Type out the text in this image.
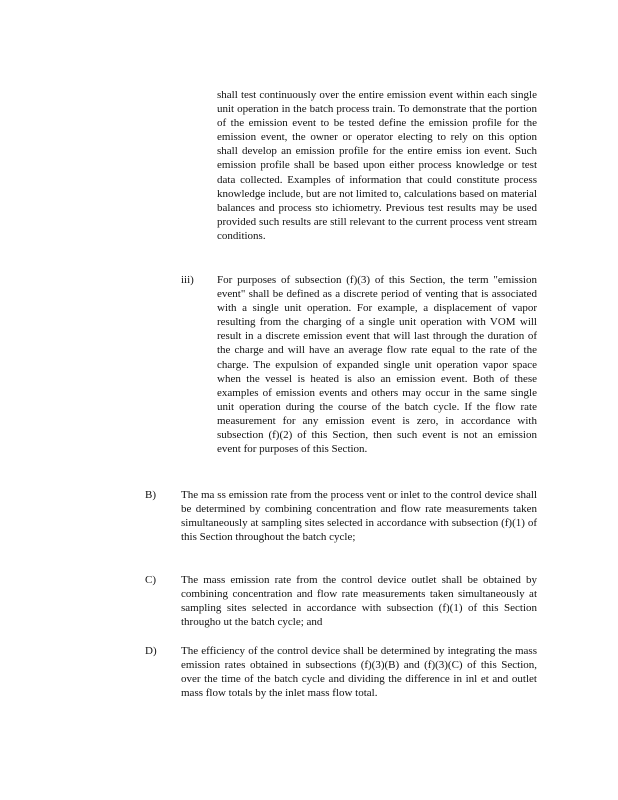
shall test continuously over the entire emission event within each single unit operation in the batch process train. To demonstrate that the portion of the emission event to be tested define the emission profile for the emission event, the owner or operator electing to rely on this option shall develop an emission profile for the entire emiss ion event. Such emission profile shall be based upon either process knowledge or test data collected. Examples of information that could constitute process knowledge include, but are not limited to, calculations based on material balances and process sto ichiometry. Previous test results may be used provided such results are still relevant to the current process vent stream conditions.
iii) For purposes of subsection (f)(3) of this Section, the term "emission event" shall be defined as a discrete period of venting that is associated with a single unit operation. For example, a displacement of vapor resulting from the charging of a single unit operation with VOM will result in a discrete emission event that will last through the duration of the charge and will have an average flow rate equal to the rate of the charge. The expulsion of expanded single unit operation vapor space when the vessel is heated is also an emission event. Both of these examples of emission events and others may occur in the same single unit operation during the course of the batch cycle. If the flow rate measurement for any emission event is zero, in accordance with subsection (f)(2) of this Section, then such event is not an emission event for purposes of this Section.
B) The ma ss emission rate from the process vent or inlet to the control device shall be determined by combining concentration and flow rate measurements taken simultaneously at sampling sites selected in accordance with subsection (f)(1) of this Section throughout the batch cycle;
C) The mass emission rate from the control device outlet shall be obtained by combining concentration and flow rate measurements taken simultaneously at sampling sites selected in accordance with subsection (f)(1) of this Section througho ut the batch cycle; and
D) The efficiency of the control device shall be determined by integrating the mass emission rates obtained in subsections (f)(3)(B) and (f)(3)(C) of this Section, over the time of the batch cycle and dividing the difference in inl et and outlet mass flow totals by the inlet mass flow total.
